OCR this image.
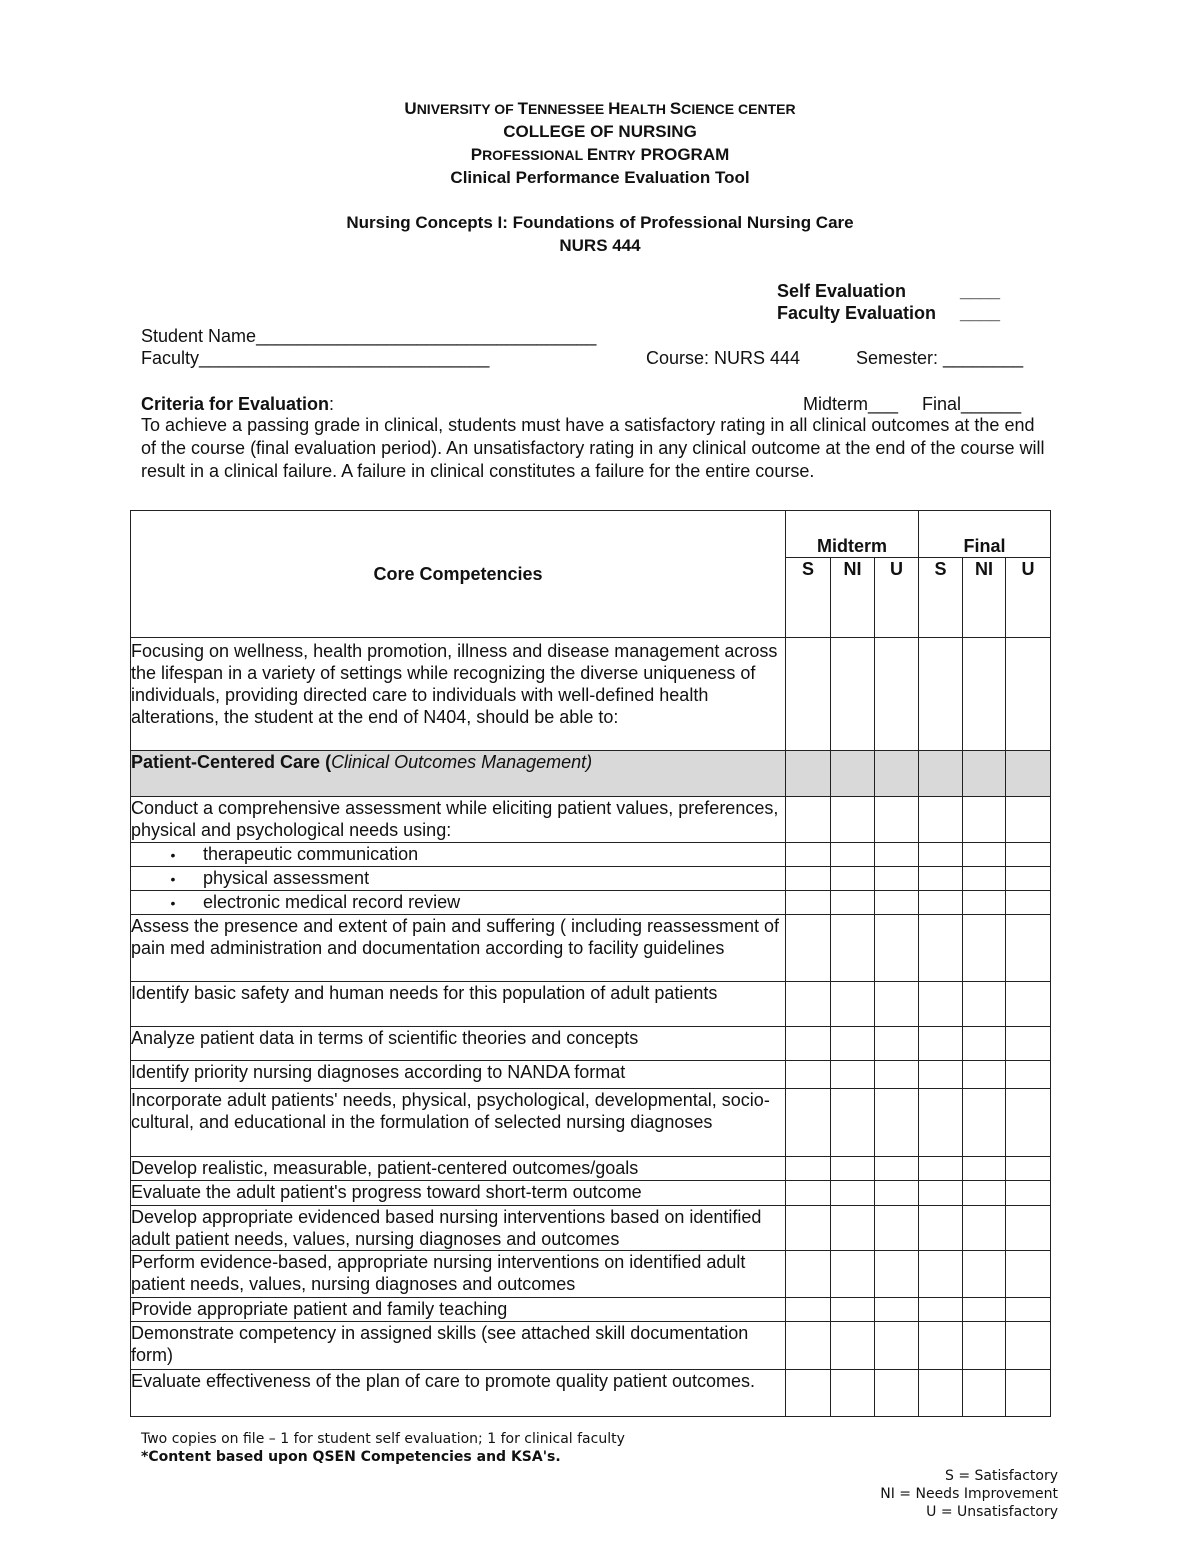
UNIVERSITY OF TENNESSEE HEALTH SCIENCE CENTER
COLLEGE OF NURSING
PROFESSIONAL ENTRY PROGRAM
Clinical Performance Evaluation Tool
Nursing Concepts I: Foundations of Professional Nursing Care
NURS 444
Self Evaluation	____
Faculty Evaluation ____
Student Name__________________________________
Faculty_____________________________	Course: NURS 444	Semester: ________
Criteria for Evaluation:	Midterm___ Final______
To achieve a passing grade in clinical, students must have a satisfactory rating in all clinical outcomes at the end of the course (final evaluation period). An unsatisfactory rating in any clinical outcome at the end of the course will result in a clinical failure. A failure in clinical constitutes a failure for the entire course.
Core Competencies	Midterm			Final		
	S	NI	U	S	NI	U
Focusing on wellness, health promotion, illness and disease management across the lifespan in a variety of settings while recognizing the diverse uniqueness of individuals, providing directed care to individuals with well-defined health alterations, the student at the end of N404, should be able to:						
Patient-Centered Care (Clinical Outcomes Management)						
Conduct a comprehensive assessment while eliciting patient values, preferences, physical and psychological needs using:						
• therapeutic communication						
• physical assessment						
• electronic medical record review						
Assess the presence and extent of pain and suffering ( including reassessment of pain med administration and documentation according to facility guidelines						
Identify basic safety and human needs for this population of adult patients						
Analyze patient data in terms of scientific theories and concepts						
Identify priority nursing diagnoses according to NANDA format						
Incorporate adult patients' needs, physical, psychological, developmental, socio- cultural, and educational in the formulation of selected nursing diagnoses						
Develop realistic, measurable, patient-centered outcomes/goals						
Evaluate the adult patient's progress toward short-term outcome						
Develop appropriate evidenced based nursing interventions based on identified adult patient needs, values, nursing diagnoses and outcomes						
Perform evidence-based, appropriate nursing interventions on identified adult patient needs, values, nursing diagnoses and outcomes						
Provide appropriate patient and family teaching						
Demonstrate competency in assigned skills (see attached skill documentation form)						
Evaluate effectiveness of the plan of care to promote quality patient outcomes.						
Two copies on file – 1 for student self evaluation; 1 for clinical faculty
*Content based upon QSEN Competencies and KSA's.
S = Satisfactory
NI = Needs Improvement
U = Unsatisfactory
